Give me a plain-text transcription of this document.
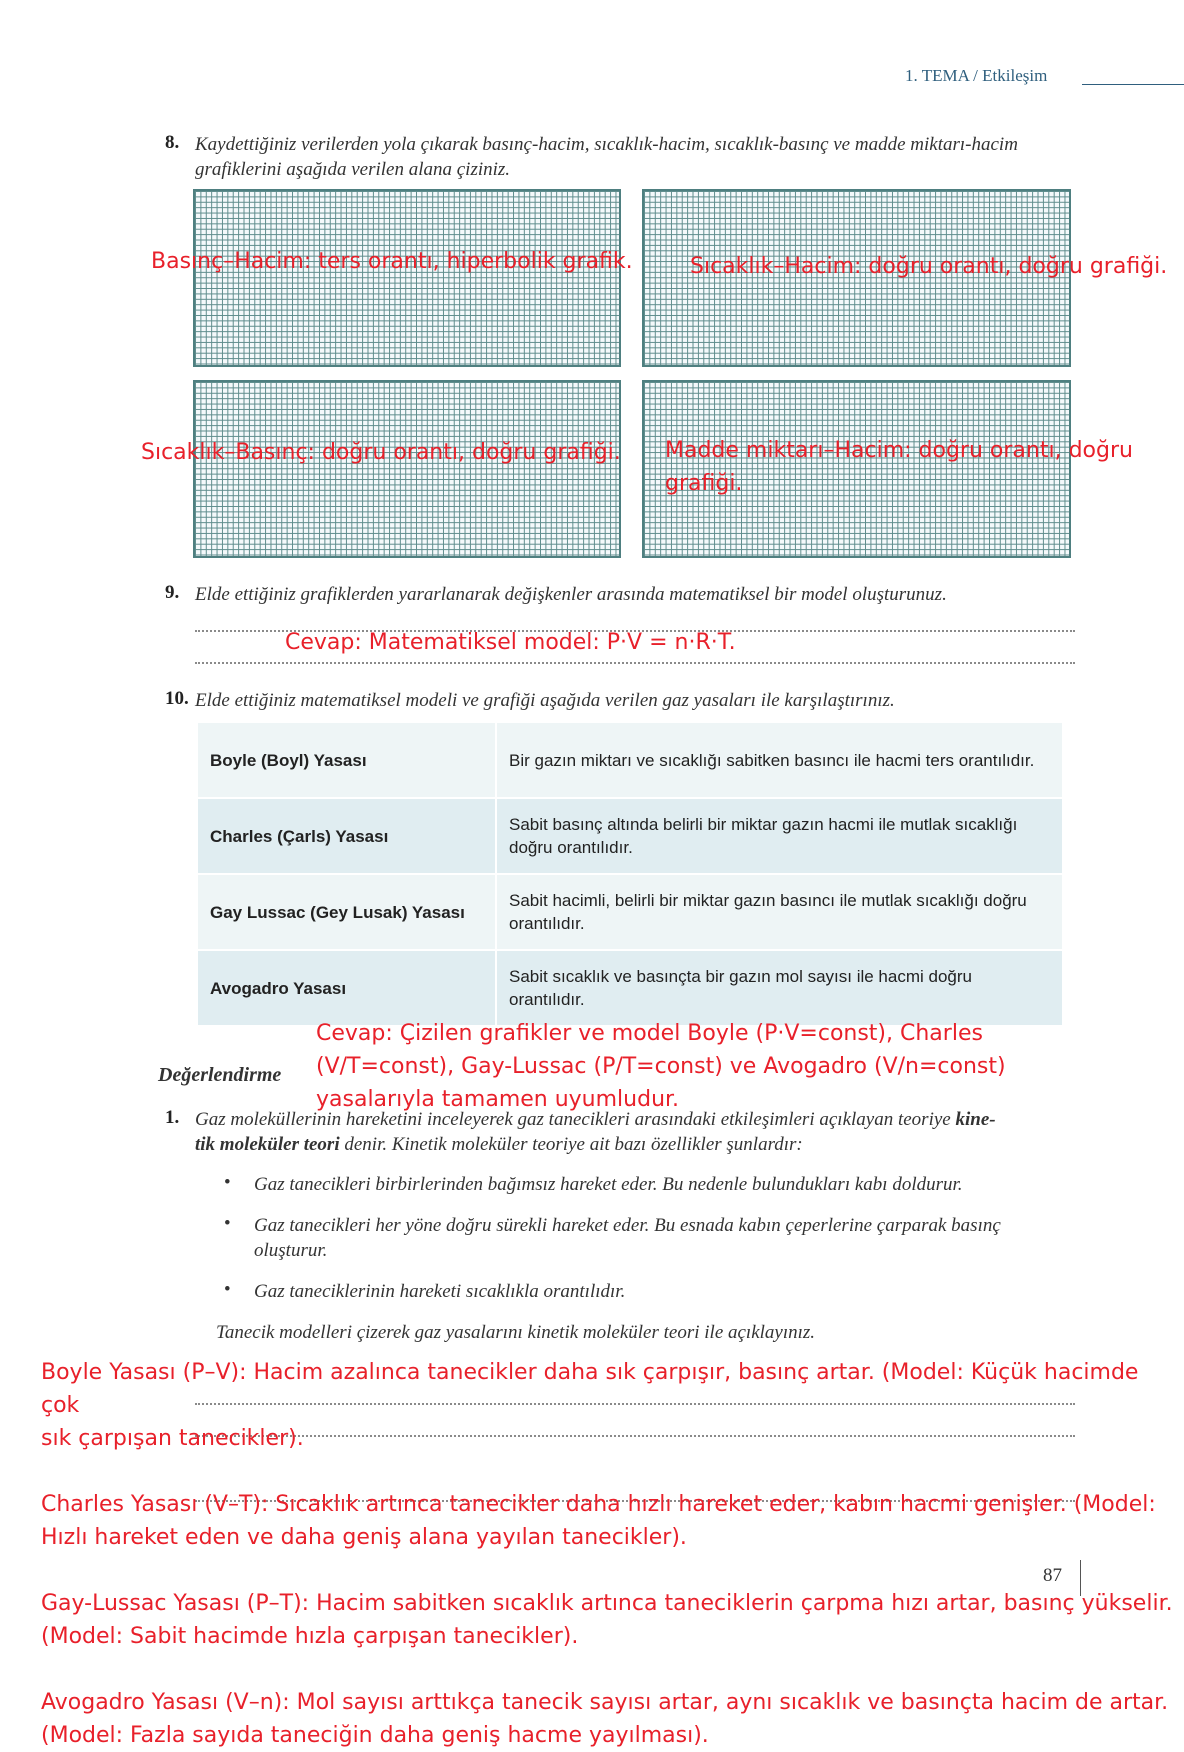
1. TEMA / Etkileşim
8. Kaydettiğiniz verilerden yola çıkarak basınç-hacim, sıcaklık-hacim, sıcaklık-basınç ve madde miktarı-hacim
grafiklerini aşağıda verilen alana çiziniz.
Basınç–Hacim: ters orantı, hiperbolik grafik.	Sıcaklık–Hacim: doğru orantı, doğru grafiği.
Sıcaklık–Basınç: doğru orantı, doğru grafiği. Madde miktarı–Hacim: doğru orantı, doğru
grafiği.
9. Elde ettiğiniz grafiklerden yararlanarak değişkenler arasında matematiksel bir model oluşturunuz.
Cevap: Matematiksel model: P·V = n·R·T.
10. Elde ettiğiniz matematiksel modeli ve grafiği aşağıda verilen gaz yasaları ile karşılaştırınız.
Boyle (Boyl) Yasası	Bir gazın miktarı ve sıcaklığı sabitken basıncı ile hacmi ters orantılıdır.
Charles (Çarls) Yasası	Sabit basınç altında belirli bir miktar gazın hacmi ile mutlak sıcaklığı doğru orantılıdır.
Gay Lussac (Gey Lusak) Yasası	Sabit hacimli, belirli bir miktar gazın basıncı ile mutlak sıcaklığı doğru orantılıdır.
Avogadro Yasası	Sabit sıcaklık ve basınçta bir gazın mol sayısı ile hacmi doğru orantılıdır.
Cevap: Çizilen grafikler ve model Boyle (P·V=const), Charles
(V/T=const), Gay-Lussac (P/T=const) ve Avogadro (V/n=const)
yasalarıyla tamamen uyumludur.
Değerlendirme
1. Gaz moleküllerinin hareketini inceleyerek gaz tanecikleri arasındaki etkileşimleri açıklayan teoriye kine-
tik moleküler teori denir. Kinetik moleküler teoriye ait bazı özellikler şunlardır:
• Gaz tanecikleri birbirlerinden bağımsız hareket eder. Bu nedenle bulundukları kabı doldurur.
• Gaz tanecikleri her yöne doğru sürekli hareket eder. Bu esnada kabın çeperlerine çarparak basınç
oluşturur.
• Gaz taneciklerinin hareketi sıcaklıkla orantılıdır.
Tanecik modelleri çizerek gaz yasalarını kinetik moleküler teori ile açıklayınız.
87
Boyle Yasası (P–V): Hacim azalınca tanecikler daha sık çarpışır, basınç artar. (Model: Küçük hacimde çok
sık çarpışan tanecikler).
Charles Yasası (V–T): Sıcaklık artınca tanecikler daha hızlı hareket eder, kabın hacmi genişler. (Model:
Hızlı hareket eden ve daha geniş alana yayılan tanecikler).
Gay-Lussac Yasası (P–T): Hacim sabitken sıcaklık artınca taneciklerin çarpma hızı artar, basınç yükselir.
(Model: Sabit hacimde hızla çarpışan tanecikler).
Avogadro Yasası (V–n): Mol sayısı arttıkça tanecik sayısı artar, aynı sıcaklık ve basınçta hacim de artar.
(Model: Fazla sayıda taneciğin daha geniş hacme yayılması).
